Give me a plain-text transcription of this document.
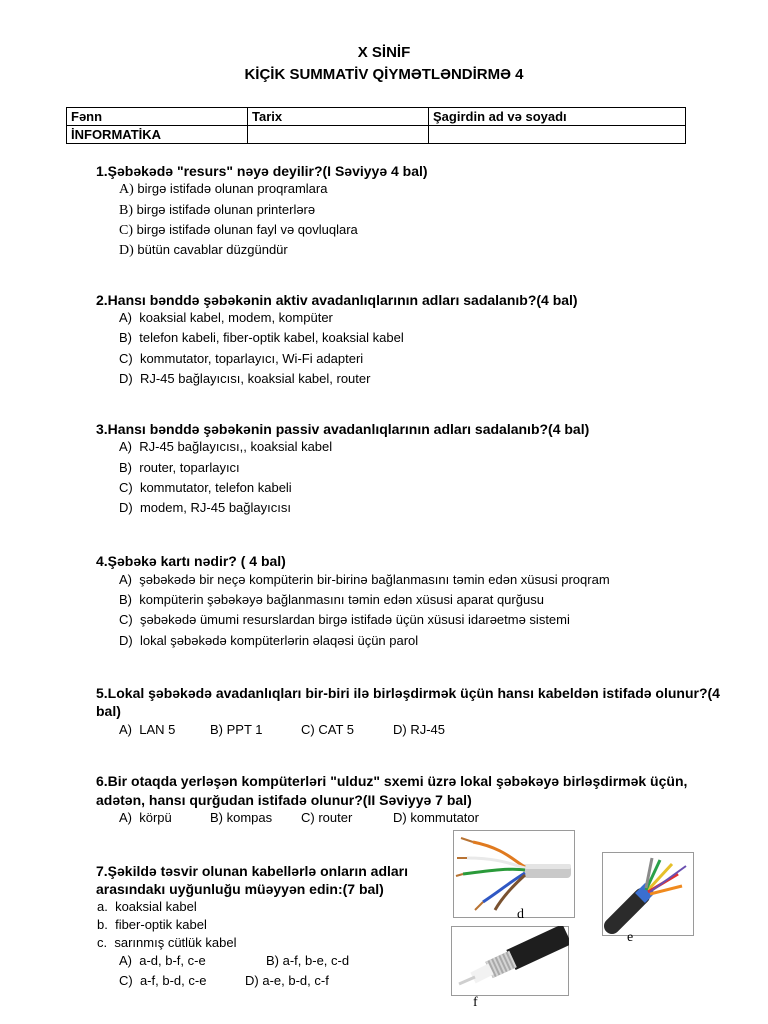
X SİNİF
KİÇİK SUMMATİV QİYMƏTLƏNDİRMƏ 4
Fənn	Tarix	Şagirdin ad və soyadı
İNFORMATİKA		
1.Şəbəkədə "resurs" nəyə deyilir?(I Səviyyə 4 bal)
A) birgə istifadə olunan proqramlara
B) birgə istifadə olunan printerlərə
C) birgə istifadə olunan fayl və qovluqlara
D) bütün cavablar düzgündür
2.Hansı bənddə şəbəkənin aktiv avadanlıqlarının adları sadalanıb?(4 bal)
A) koaksial kabel, modem, kompüter
B) telefon kabeli, fiber-optik kabel, koaksial kabel
C) kommutator, toparlayıcı, Wi-Fi adapteri
D) RJ-45 bağlayıcısı, koaksial kabel, router
3.Hansı bənddə şəbəkənin passiv avadanlıqlarının adları sadalanıb?(4 bal)
A) RJ-45 bağlayıcısı,, koaksial kabel
B) router, toparlayıcı
C) kommutator, telefon kabeli
D) modem, RJ-45 bağlayıcısı
4.Şəbəkə kartı nədir? ( 4 bal)
A) şəbəkədə bir neçə kompüterin bir-birinə bağlanmasını təmin edən xüsusi proqram
B) kompüterin şəbəkəyə bağlanmasını təmin edən xüsusi aparat qurğusu
C) şəbəkədə ümumi resurslardan birgə istifadə üçün xüsusi idarəetmə sistemi
D) lokal şəbəkədə kompüterlərin əlaqəsi üçün parol
5.Lokal şəbəkədə avadanlıqları bir-biri ilə birləşdirmək üçün hansı kabeldən istifadə olunur?(4
bal)
A) LAN 5	B) PPT 1	C) CAT 5	D) RJ-45
6.Bir otaqda yerləşən kompüterləri "ulduz" sxemi üzrə lokal şəbəkəyə birləşdirmək üçün,
adətən, hansı qurğudan istifadə olunur?(II Səviyyə 7 bal)
A) körpü	B) kompas C) router	D) kommutator
7.Şəkildə təsvir olunan kabellərlə onların adları
arasındakı uyğunluğu müəyyən edin:(7 bal)
a. koaksial kabel
b. fiber-optik kabel
c. sarınmış cütlük kabel
A) a-d, b-f, c-e	B) a-f, b-e, c-d
C) a-f, b-d, c-e	D) a-e, b-d, c-f
d
e
f
